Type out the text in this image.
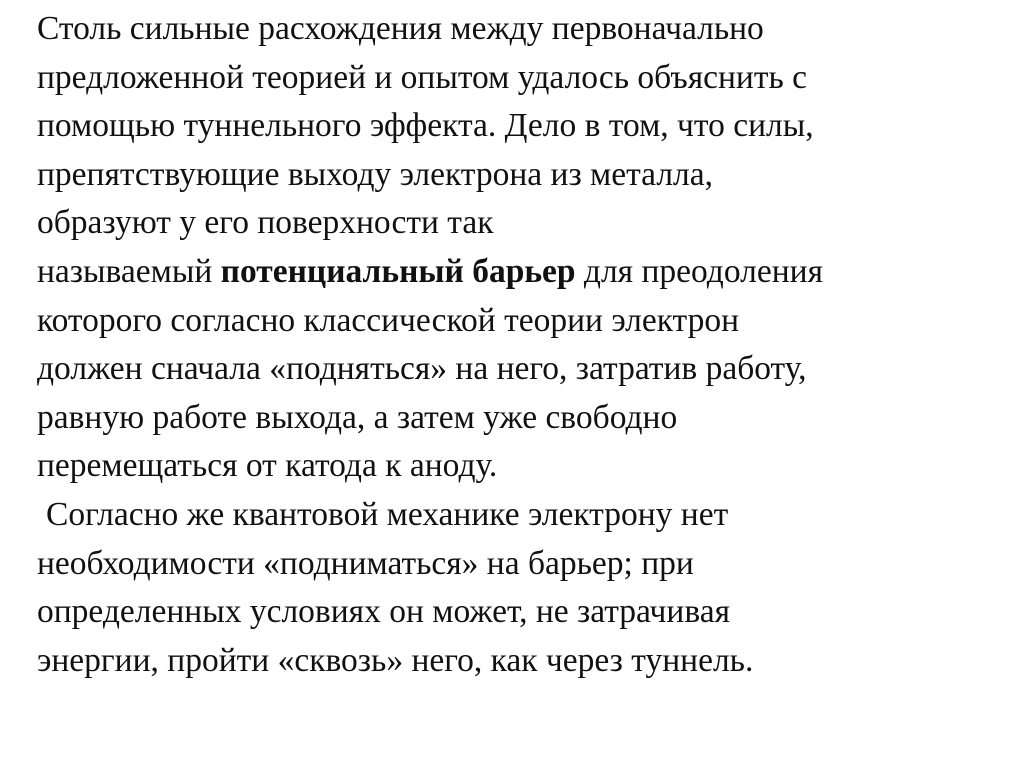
Столь сильные расхождения между первоначально
предложенной теорией и опытом удалось объяснить с
помощью туннельного эффекта. Дело в том, что силы,
препятствующие выходу электрона из металла,
образуют у его поверхности так
называемый потенциальный барьер для преодоления
которого согласно классической теории электрон
должен сначала «подняться» на него, затратив работу,
равную работе выхода, а затем уже свободно
перемещаться от катода к аноду.
Согласно же квантовой механике электрону нет
необходимости «подниматься» на барьер; при
определенных условиях он может, не затрачивая
энергии, пройти «сквозь» него, как через туннель.
